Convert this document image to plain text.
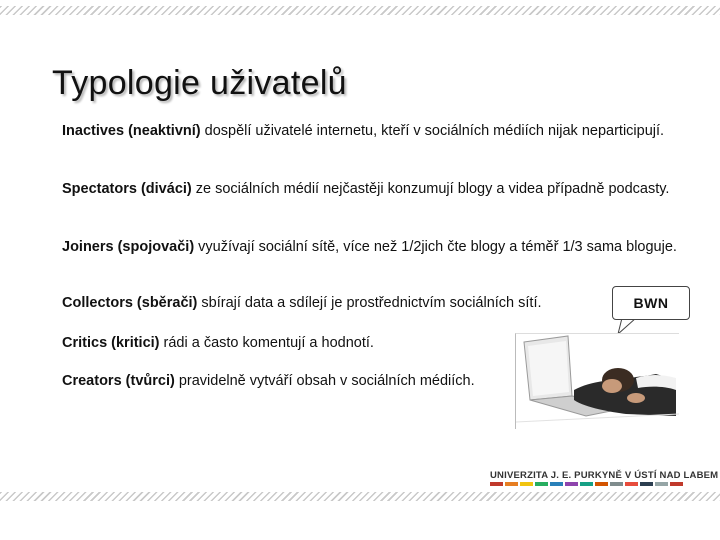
Typologie uživatelů
Inactives (neaktivní) dospělí uživatelé internetu, kteří v sociálních médiích nijak neparticipují.
Spectators (diváci) ze sociálních médií nejčastěji konzumují blogy a videa případně podcasty.
Joiners (spojovači) využívají sociální sítě, více než 1/2jich čte blogy a téměř 1/3 sama bloguje.
Collectors (sběrači) sbírají data a sdílejí je prostřednictvím sociálních sítí.
Critics (kritici) rádi a často komentují a hodnotí.
Creators (tvůrci) pravidelně vytváří obsah v sociálních médiích.
BWN
UNIVERZITA J. E. PURKYNĚ V ÚSTÍ NAD LABEM
